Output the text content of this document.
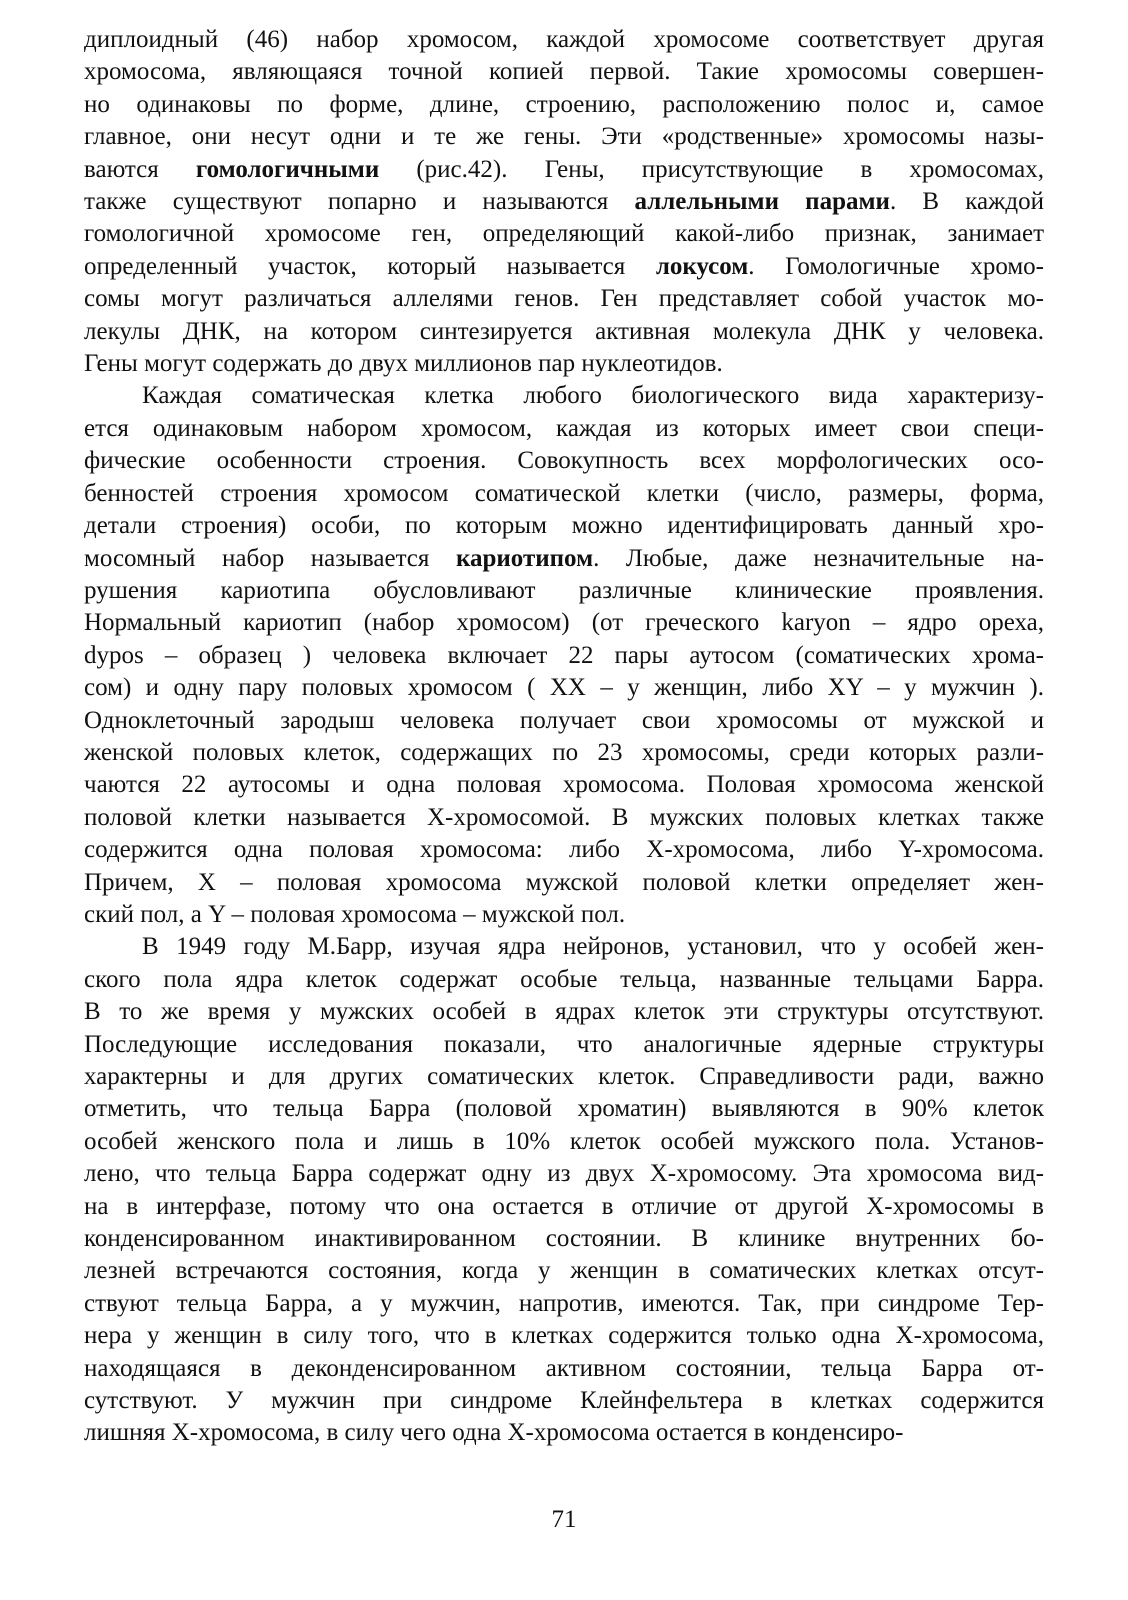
диплоидный (46) набор хромосом, каждой хромосоме соответствует другая
хромосома, являющаяся точной копией первой. Такие хромосомы совершен-
но одинаковы по форме, длине, строению, расположению полос и, самое
главное, они несут одни и те же гены. Эти «родственные» хромосомы назы-
ваются гомологичными (рис.42). Гены, присутствующие в хромосомах,
также существуют попарно и называются аллельными парами. В каждой
гомологичной хромосоме ген, определяющий какой-либо признак, занимает
определенный участок, который называется локусом. Гомологичные хромо-
сомы могут различаться аллелями генов. Ген представляет собой участок мо-
лекулы ДНК, на котором синтезируется активная молекула ДНК у человека.
Гены могут содержать до двух миллионов пар нуклеотидов.
Каждая соматическая клетка любого биологического вида характеризу-
ется одинаковым набором хромосом, каждая из которых имеет свои специ-
фические особенности строения. Совокупность всех морфологических осо-
бенностей строения хромосом соматической клетки (число, размеры, форма,
детали строения) особи, по которым можно идентифицировать данный хро-
мосомный набор называется кариотипом. Любые, даже незначительные на-
рушения кариотипа обусловливают различные клинические проявления.
Нормальный кариотип (набор хромосом) (от греческого karyon – ядро ореха,
dypos – образец ) человека включает 22 пары аутосом (соматических хрома-
сом) и одну пару половых хромосом ( XX – у женщин, либо XY – у мужчин ).
Одноклеточный зародыш человека получает свои хромосомы от мужской и
женской половых клеток, содержащих по 23 хромосомы, среди которых разли-
чаются 22 аутосомы и одна половая хромосома. Половая хромосома женской
половой клетки называется X-хромосомой. В мужских половых клетках также
содержится одна половая хромосома: либо X-хромосома, либо Y-хромосома.
Причем, X – половая хромосома мужской половой клетки определяет жен-
ский пол, а Y – половая хромосома – мужской пол.
В 1949 году М.Барр, изучая ядра нейронов, установил, что у особей жен-
ского пола ядра клеток содержат особые тельца, названные тельцами Барра.
В то же время у мужских особей в ядрах клеток эти структуры отсутствуют.
Последующие исследования показали, что аналогичные ядерные структуры
характерны и для других соматических клеток. Справедливости ради, важно
отметить, что тельца Барра (половой хроматин) выявляются в 90% клеток
особей женского пола и лишь в 10% клеток особей мужского пола. Установ-
лено, что тельца Барра содержат одну из двух X-хромосому. Эта хромосома вид-
на в интерфазе, потому что она остается в отличие от другой X-хромосомы в
конденсированном инактивированном состоянии. В клинике внутренних бо-
лезней встречаются состояния, когда у женщин в соматических клетках отсут-
ствуют тельца Барра, а у мужчин, напротив, имеются. Так, при синдроме Тер-
нера у женщин в силу того, что в клетках содержится только одна X-хромосома,
находящаяся в деконденсированном активном состоянии, тельца Барра от-
сутствуют. У мужчин при синдроме Клейнфельтера в клетках содержится
лишняя X-хромосома, в силу чего одна X-хромосома остается в конденсиро-
71
